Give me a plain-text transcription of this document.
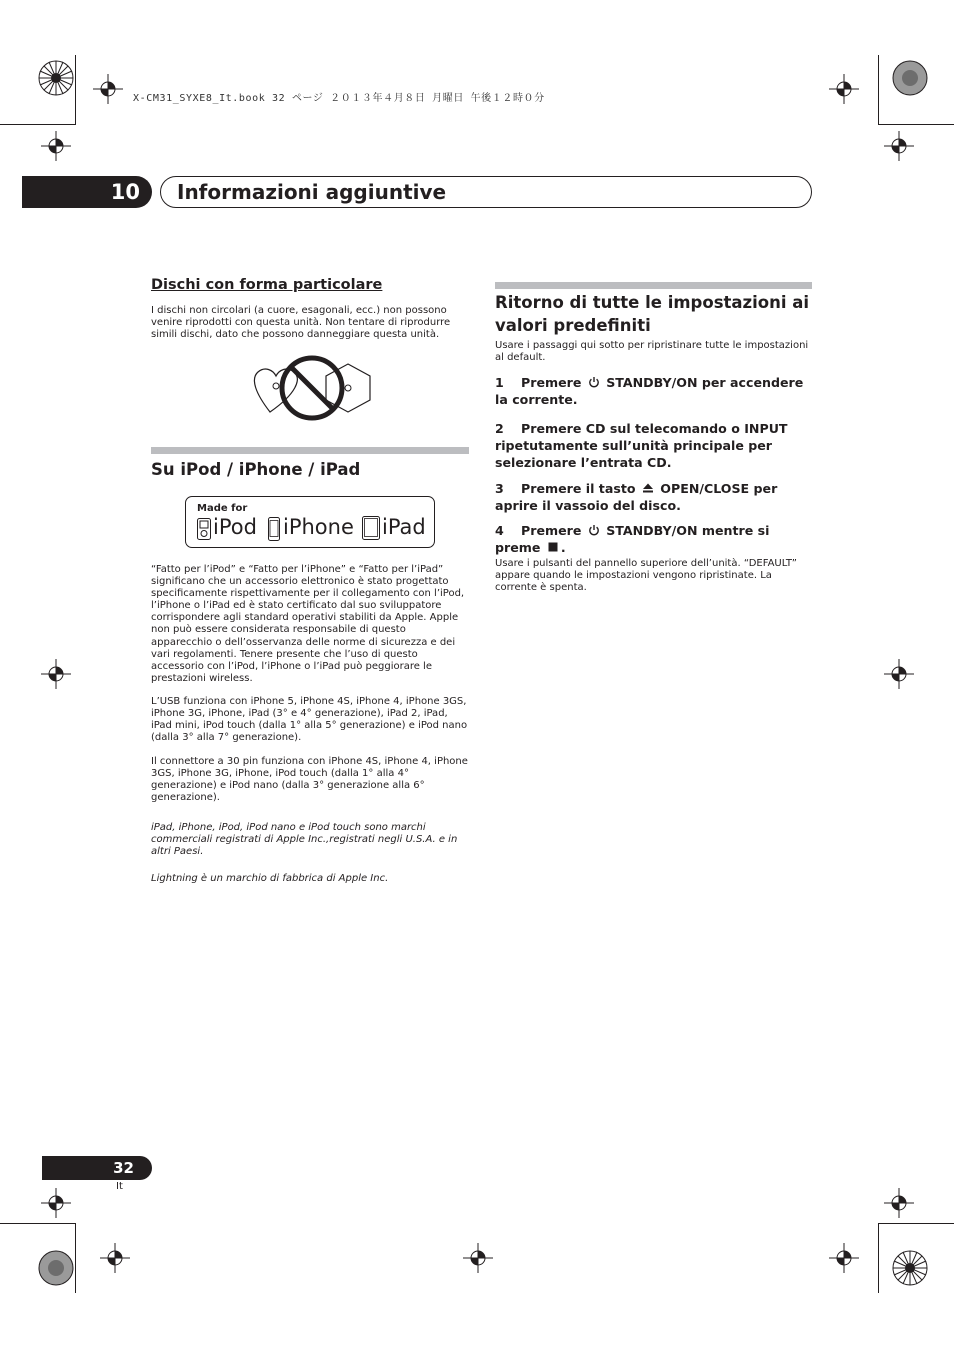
X-CM31_SYXE8_It.book 32 ページ ２０１３年４月８日 月曜日 午後１２時０分
10	Informazioni aggiuntive
Dischi con forma particolare
I dischi non circolari (a cuore, esagonali, ecc.) non possono venire riprodotti con questa unità. Non tentare di riprodurre simili dischi, dato che possono danneggiare questa unità.
Su iPod / iPhone / iPad
Made for
iPod iPhone iPad
“Fatto per l’iPod” e “Fatto per l’iPhone” e “Fatto per l’iPad” significano che un accessorio elettronico è stato progettato specificamente rispettivamente per il collegamento con l’iPod, l’iPhone o l’iPad ed è stato certificato dal suo sviluppatore corrispondere agli standard operativi stabiliti da Apple. Apple non può essere considerata responsabile di questo apparecchio o dell’osservanza delle norme di sicurezza e dei vari regolamenti. Tenere presente che l’uso di questo accessorio con l’iPod, l’iPhone o l’iPad può peggiorare le prestazioni wireless.
L’USB funziona con iPhone 5, iPhone 4S, iPhone 4, iPhone 3GS, iPhone 3G, iPhone, iPad (3° e 4° generazione), iPad 2, iPad, iPad mini, iPod touch (dalla 1° alla 5° generazione) e iPod nano (dalla 3° alla 7° generazione).
Il connettore a 30 pin funziona con iPhone 4S, iPhone 4, iPhone 3GS, iPhone 3G, iPhone, iPod touch (dalla 1° alla 4° generazione) e iPod nano (dalla 3° generazione alla 6° generazione).
iPad, iPhone, iPod, iPod nano e iPod touch sono marchi commerciali registrati di Apple Inc.,registrati negli U.S.A. e in altri Paesi.
Lightning è un marchio di fabbrica di Apple Inc.
Ritorno di tutte le impostazioni ai valori predefiniti
Usare i passaggi qui sotto per ripristinare tutte le impostazioni al default.
1 Premere STANDBY/ON per accendere la corrente.
2 Premere CD sul telecomando o INPUT ripetutamente sull’unità principale per selezionare l’entrata CD.
3 Premere il tasto OPEN/CLOSE per aprire il vassoio del disco.
4 Premere STANDBY/ON mentre si preme .
Usare i pulsanti del pannello superiore dell’unità. “DEFAULT” appare quando le impostazioni vengono ripristinate. La corrente è spenta.
32
It
